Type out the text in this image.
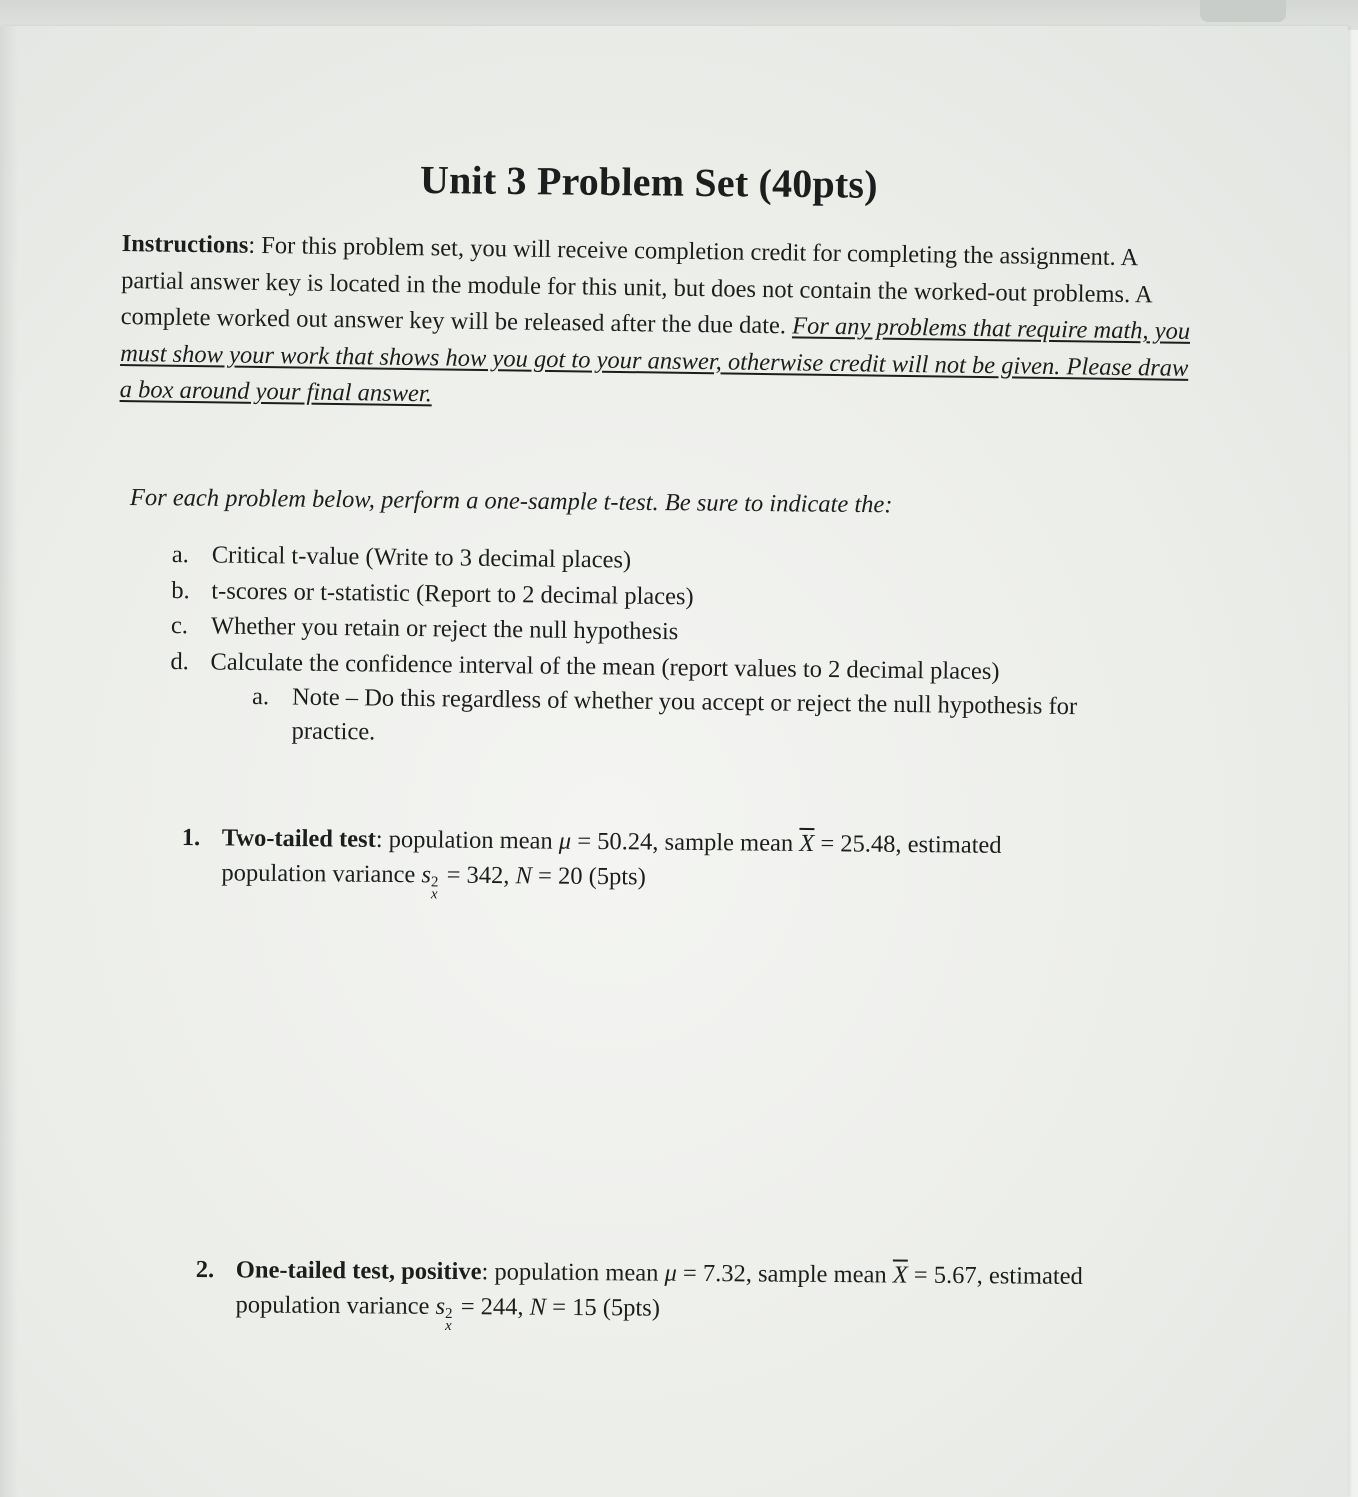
Unit 3 Problem Set (40pts)

Instructions: For this problem set, you will receive completion credit for completing the assignment. A partial answer key is located in the module for this unit, but does not contain the worked-out problems. A complete worked out answer key will be released after the due date. For any problems that require math, you must show your work that shows how you got to your answer, otherwise credit will not be given. Please draw a box around your final answer.

For each problem below, perform a one-sample t-test. Be sure to indicate the:

a. Critical t-value (Write to 3 decimal places)
b. t-scores or t-statistic (Report to 2 decimal places)
c. Whether you retain or reject the null hypothesis
d. Calculate the confidence interval of the mean (report values to 2 decimal places)
a. Note – Do this regardless of whether you accept or reject the null hypothesis for practice.
1. Two-tailed test: population mean μ = 50.24, sample mean $\overline{X} = 25.48$, estimated population variance s 2
x
= 342, N = 20 (5pts)
2. One-tailed test, positive: population mean μ = 7.32, sample mean $\overline{X} = 5.67$, estimated population variance s 2
x
= 244, N = 15 (5pts)
